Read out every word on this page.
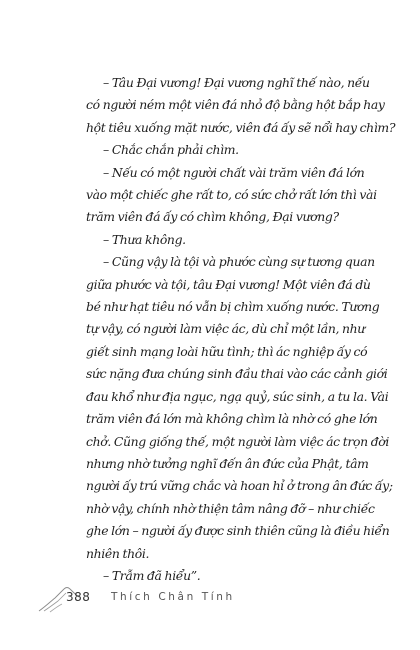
– Tâu Đại vương! Đại vương nghĩ thế nào, nếu
có người ném một viên đá nhỏ độ bằng hột bắp hay
hột tiêu xuống mặt nước, viên đá ấy sẽ nổi hay chìm?

– Chắc chắn phải chìm.

– Nếu có một người chất vài trăm viên đá lớn
vào một chiếc ghe rất to, có sức chở rất lớn thì vài
trăm viên đá ấy có chìm không, Đại vương?

– Thưa không.

– Cũng vậy là tội và phước cùng sự tương quan
giữa phước và tội, tâu Đại vương! Một viên đá dù
bé như hạt tiêu nó vẫn bị chìm xuống nước. Tương
tự vậy, có người làm việc ác, dù chỉ một lần, như
giết sinh mạng loài hữu tình; thì ác nghiệp ấy có
sức nặng đưa chúng sinh đầu thai vào các cảnh giới
đau khổ như địa ngục, ngạ quỷ, súc sinh, a tu la. Vài
trăm viên đá lớn mà không chìm là nhờ có ghe lớn
chở. Cũng giống thế, một người làm việc ác trọn đời
nhưng nhờ tưởng nghĩ đến ân đức của Phật, tâm
người ấy trú vững chắc và hoan hỉ ở trong ân đức ấy;
nhờ vậy, chính nhờ thiện tâm nâng đỡ – như chiếc
ghe lớn – người ấy được sinh thiên cũng là điều hiển
nhiên thôi.

– Trẫm đã hiểu”.

388 Thích Chân Tính
